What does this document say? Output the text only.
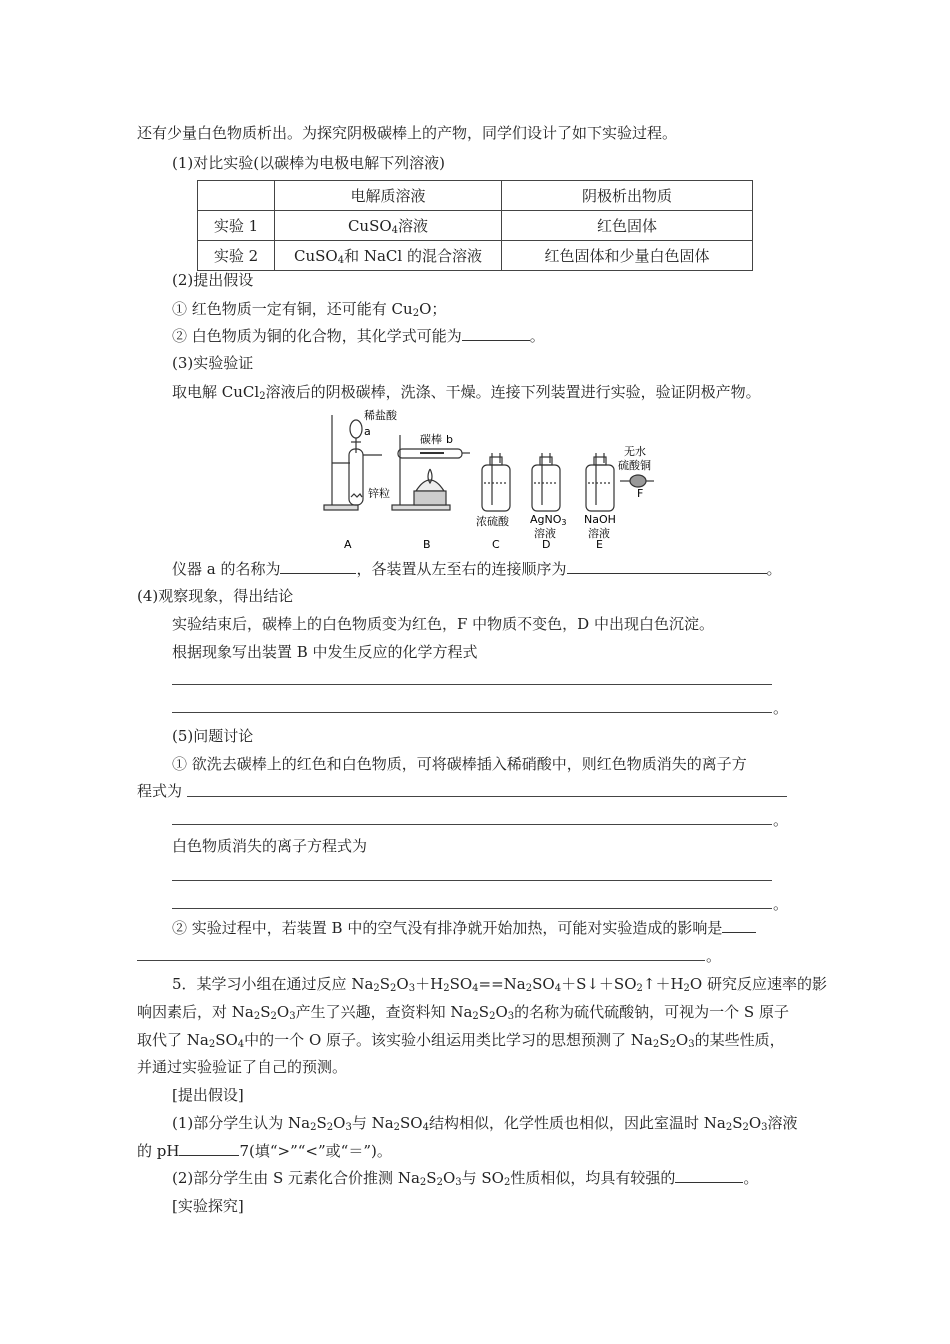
还有少量白色物质析出。为探究阴极碳棒上的产物，同学们设计了如下实验过程。
(1)对比实验(以碳棒为电极电解下列溶液)
	电解质溶液	阴极析出物质
实验 1	CuSO$_4$溶液	红色固体
实验 2	CuSO$_4$和 NaCl 的混合溶液	红色固体和少量白色固体
(2)提出假设
① 红色物质一定有铜，还可能有 $Cu_2O$；
② 白色物质为铜的化合物，其化学式可能为	。
(3)实验验证
取电解 CuCl$_2$溶液后的阴极碳棒，洗涤、干燥。连接下列装置进行实验，验证阴极产物。
稀盐酸
a
锌粒
碳棒 b
无水
硫酸铜
F
浓硫酸 AgNO3
溶液
NaOH
溶液
A	B	C	D	E
仪器 a 的名称为	，各装置从左至右的连接顺序为	。
(4)观察现象，得出结论
实验结束后，碳棒上的白色物质变为红色，F 中物质不变色，D 中出现白色沉淀。
根据现象写出装置 B 中发生反应的化学方程式
。
(5)问题讨论
① 欲洗去碳棒上的红色和白色物质，可将碳棒插入稀硝酸中，则红色物质消失的离子方
程式为
。
白色物质消失的离子方程式为
。
② 实验过程中，若装置 B 中的空气没有排净就开始加热，可能对实验造成的影响是
。
5．某学习小组在通过反应 $Na_2S_2O_3+H_2SO_4==Na_2SO_4+S↓+SO_2↑+H_2O$ 研究反应速率的影
响因素后，对 $Na_2S_2O_3$产生了兴趣，查资料知 $Na_2S_2O_3$的名称为硫代硫酸钠，可视为一个 S 原子
取代了 $Na_2SO_4$中的一个 O 原子。该实验小组运用类比学习的思想预测了 $Na_2S_2O_3$的某些性质，
并通过实验验证了自己的预测。
[提出假设]
(1)部分学生认为 $Na_2S_2O_3$与 $Na_2SO_4$结构相似，化学性质也相似，因此室温时 $Na_2S_2O_3$溶液
的 pH	7(填“>”“<”或“＝”)。
(2)部分学生由 S 元素化合价推测 $Na_2S_2O_3$与 $SO_2$性质相似，均具有较强的	。
[实验探究]
